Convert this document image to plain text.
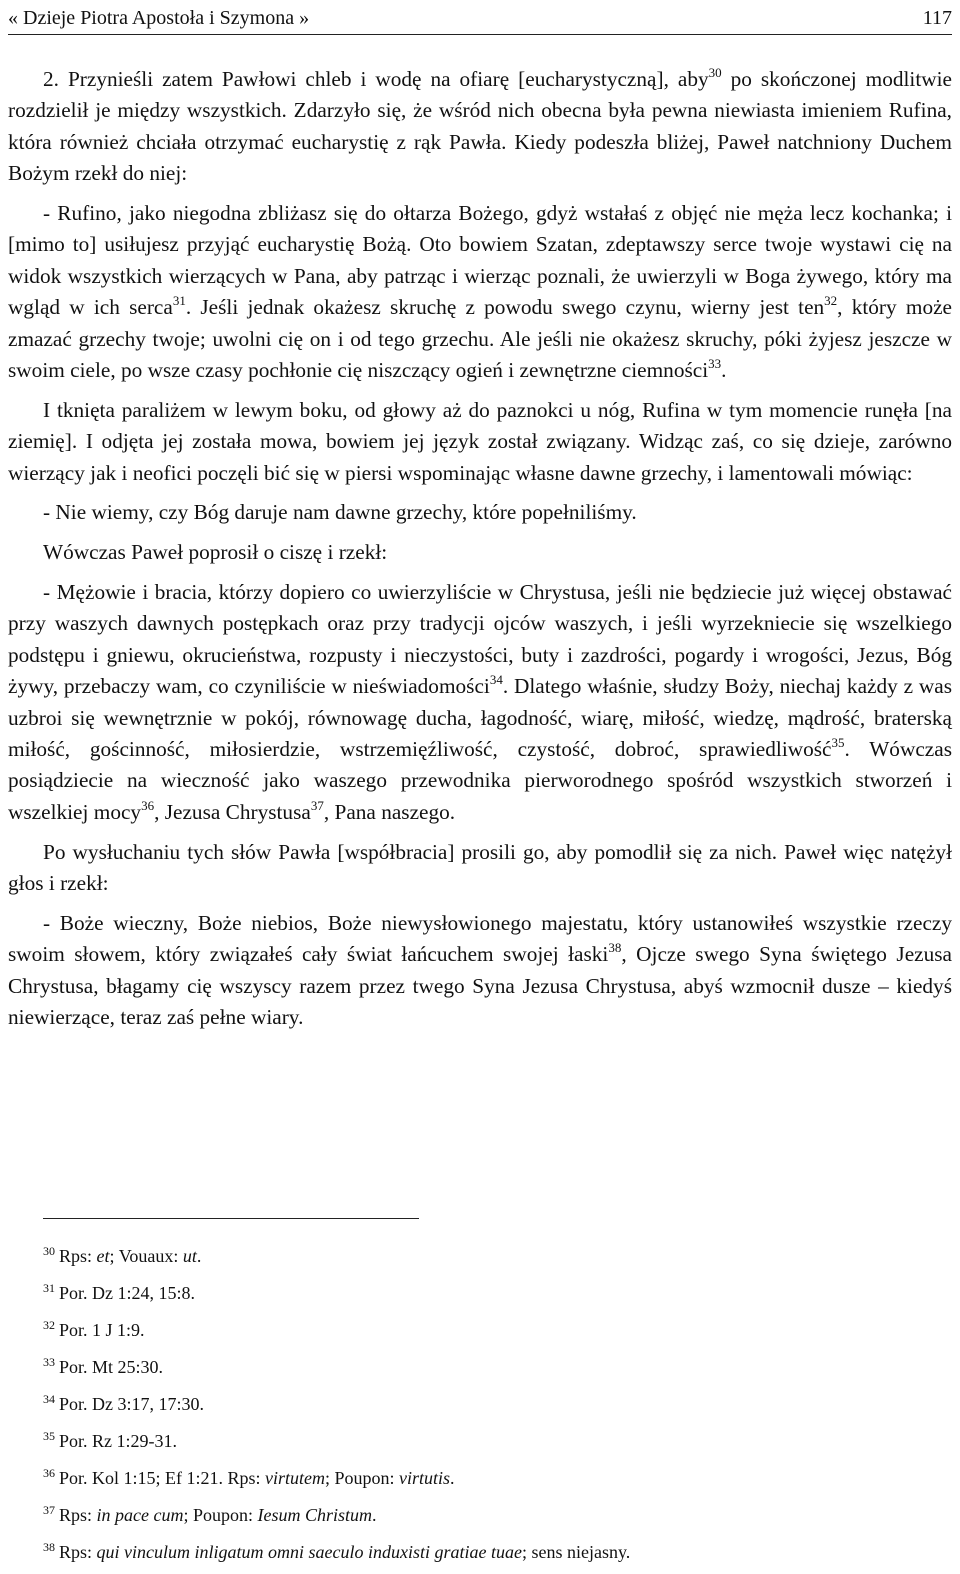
« Dzieje Piotra Apostoła i Szymona »	117

2. Przynieśli zatem Pawłowi chleb i wodę na ofiarę [eucharystyczną], aby$^{30}$ po skończonej modlitwie rozdzielił je między wszystkich. Zdarzyło się, że wśród nich obecna była pewna niewiasta imieniem Rufina, która również chciała otrzymać eucharystię z rąk Pawła. Kiedy podeszła bliżej, Paweł natchniony Duchem Bożym rzekł do niej:

- Rufino, jako niegodna zbliżasz się do ołtarza Bożego, gdyż wstałaś z objęć nie męża lecz kochanka; i [mimo to] usiłujesz przyjąć eucharystię Bożą. Oto bowiem Szatan, zdeptawszy serce twoje wystawi cię na widok wszystkich wierzących w Pana, aby patrząc i wierząc poznali, że uwierzyli w Boga żywego, który ma wgląd w ich serca$^{31}$. Jeśli jednak okażesz skruchę z powodu swego czynu, wierny jest ten$^{32}$, który może zmazać grzechy twoje; uwolni cię on i od tego grzechu. Ale jeśli nie okażesz skruchy, póki żyjesz jeszcze w swoim ciele, po wsze czasy pochłonie cię niszczący ogień i zewnętrzne ciemności$^{33}$.

I tknięta paraliżem w lewym boku, od głowy aż do paznokci u nóg, Rufina w tym momencie runęła [na ziemię]. I odjęta jej została mowa, bowiem jej język został związany. Widząc zaś, co się dzieje, zarówno wierzący jak i neofici poczęli bić się w piersi wspominając własne dawne grzechy, i lamentowali mówiąc:

- Nie wiemy, czy Bóg daruje nam dawne grzechy, które popełniliśmy.

Wówczas Paweł poprosił o ciszę i rzekł:

- Mężowie i bracia, którzy dopiero co uwierzyliście w Chrystusa, jeśli nie będziecie już więcej obstawać przy waszych dawnych postępkach oraz przy tradycji ojców waszych, i jeśli wyrzekniecie się wszelkiego podstępu i gniewu, okrucieństwa, rozpusty i nieczystości, buty i zazdrości, pogardy i wrogości, Jezus, Bóg żywy, przebaczy wam, co czyniliście w nieświadomości$^{34}$. Dlatego właśnie, słudzy Boży, niechaj każdy z was uzbroi się wewnętrznie w pokój, równowagę ducha, łagodność, wiarę, miłość, wiedzę, mądrość, braterską miłość, gościnność, miłosierdzie, wstrzemięźliwość, czystość, dobroć, sprawiedliwość$^{35}$. Wówczas posiądziecie na wieczność jako waszego przewodnika pierworodnego spośród wszystkich stworzeń i wszelkiej mocy$^{36}$, Jezusa Chrystusa$^{37}$, Pana naszego.

Po wysłuchaniu tych słów Pawła [współbracia] prosili go, aby pomodlił się za nich. Paweł więc natężył głos i rzekł:

- Boże wieczny, Boże niebios, Boże niewysłowionego majestatu, który ustanowiłeś wszystkie rzeczy swoim słowem, który związałeś cały świat łańcuchem swojej łaski$^{38}$, Ojcze swego Syna świętego Jezusa Chrystusa, błagamy cię wszyscy razem przez twego Syna Jezusa Chrystusa, abyś wzmocnił dusze – kiedyś niewierzące, teraz zaś pełne wiary.

$^{30}$ Rps: et; Vouaux: ut.
$^{31}$ Por. Dz 1:24, 15:8.
$^{32}$ Por. 1 J 1:9.
$^{33}$ Por. Mt 25:30.
$^{34}$ Por. Dz 3:17, 17:30.
$^{35}$ Por. Rz 1:29-31.
$^{36}$ Por. Kol 1:15; Ef 1:21. Rps: virtutem; Poupon: virtutis.
$^{37}$ Rps: in pace cum; Poupon: Iesum Christum.
$^{38}$ Rps: qui vinculum inligatum omni saeculo induxisti gratiae tuae; sens niejasny.
